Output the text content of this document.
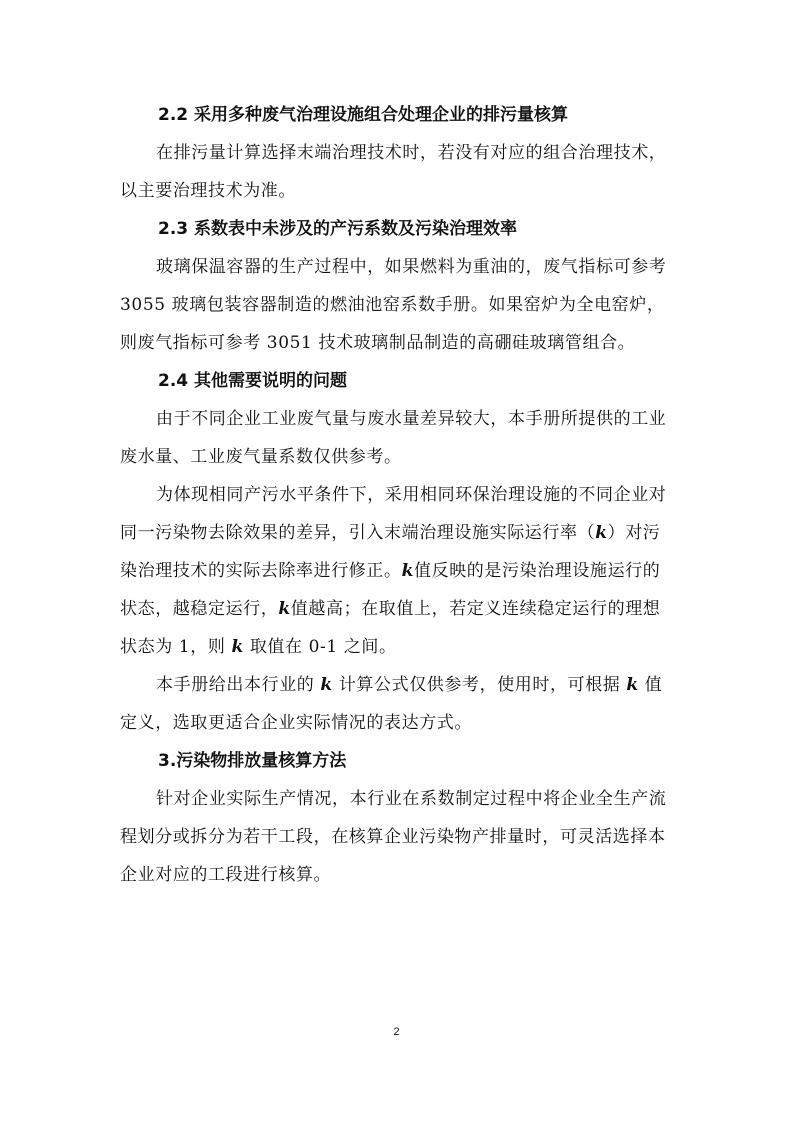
2.2 采用多种废气治理设施组合处理企业的排污量核算

在排污量计算选择末端治理技术时，若没有对应的组合治理技术，以主要治理技术为准。

2.3 系数表中未涉及的产污系数及污染治理效率

玻璃保温容器的生产过程中，如果燃料为重油的，废气指标可参考 3055 玻璃包装容器制造的燃油池窑系数手册。如果窑炉为全电窑炉，则废气指标可参考 3051 技术玻璃制品制造的高硼硅玻璃管组合。

2.4 其他需要说明的问题

由于不同企业工业废气量与废水量差异较大，本手册所提供的工业废水量、工业废气量系数仅供参考。

为体现相同产污水平条件下，采用相同环保治理设施的不同企业对同一污染物去除效果的差异，引入末端治理设施实际运行率（k）对污染治理技术的实际去除率进行修正。k值反映的是污染治理设施运行的状态，越稳定运行，k值越高；在取值上，若定义连续稳定运行的理想状态为 1，则 k 取值在 0-1 之间。

本手册给出本行业的 k 计算公式仅供参考，使用时，可根据 k 值定义，选取更适合企业实际情况的表达方式。

3.污染物排放量核算方法

针对企业实际生产情况，本行业在系数制定过程中将企业全生产流程划分或拆分为若干工段，在核算企业污染物产排量时，可灵活选择本企业对应的工段进行核算。

2
